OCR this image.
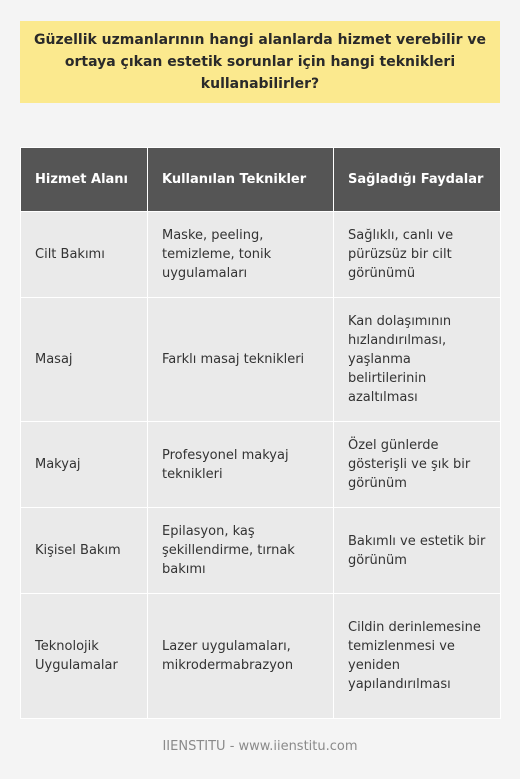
Güzellik uzmanlarının hangi alanlarda hizmet verebilir ve ortaya çıkan estetik sorunlar için hangi teknikleri kullanabilirler?
Hizmet Alanı	Kullanılan Teknikler	Sağladığı Faydalar
Cilt Bakımı	Maske, peeling, temizleme, tonik uygulamaları	Sağlıklı, canlı ve pürüzsüz bir cilt görünümü
Masaj	Farklı masaj teknikleri	Kan dolaşımının hızlandırılması, yaşlanma belirtilerinin azaltılması
Makyaj	Profesyonel makyaj teknikleri	Özel günlerde gösterişli ve şık bir görünüm
Kişisel Bakım	Epilasyon, kaş şekillendirme, tırnak bakımı	Bakımlı ve estetik bir görünüm
Teknolojik Uygulamalar	Lazer uygulamaları, mikrodermabrazyon	Cildin derinlemesine temizlenmesi ve yeniden yapılandırılması
IIENSTITU - www.iienstitu.com
